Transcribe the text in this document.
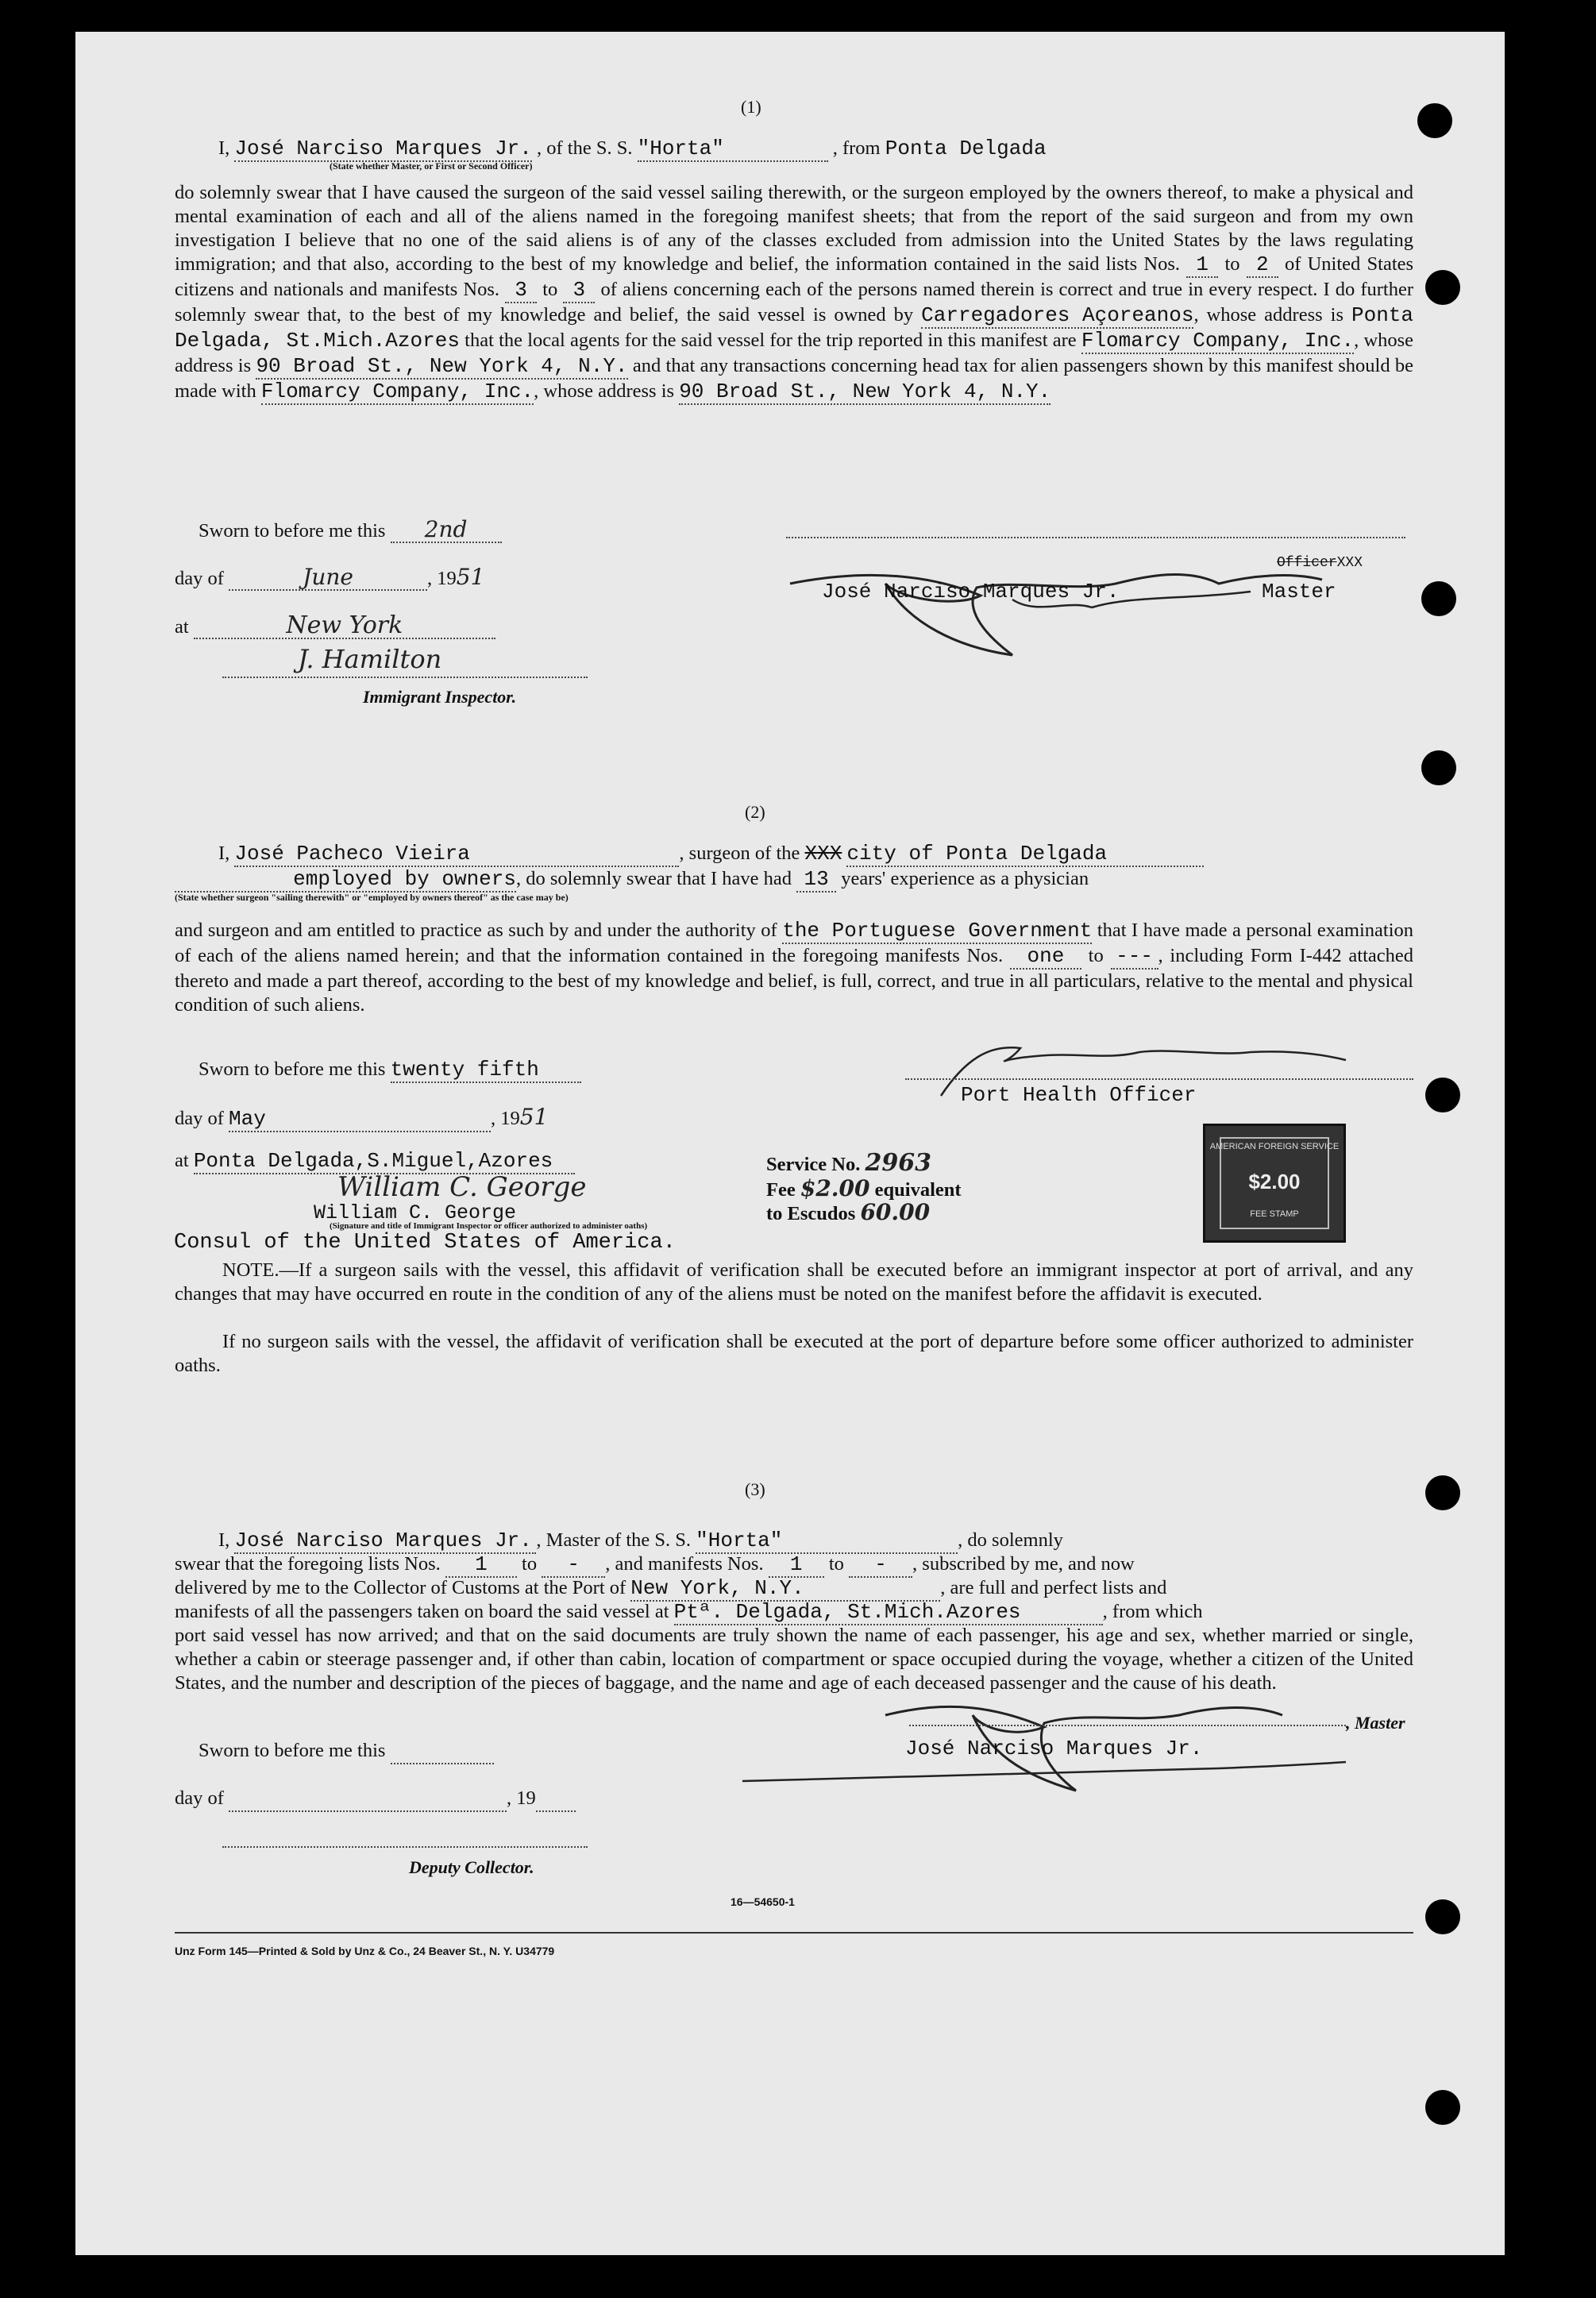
(1)
I, José Narciso Marques Jr. , of the S. S. "Horta"	, from Ponta Delgada
(State whether Master, or First or Second Officer)
do solemnly swear that I have caused the surgeon of the said vessel sailing therewith, or the surgeon employed by the owners thereof, to make a physical and mental examination of each and all of the aliens named in the foregoing manifest sheets; that from the report of the said surgeon and from my own investigation I believe that no one of the said aliens is of any of the classes excluded from admission into the United States by the laws regulating immigration; and that also, according to the best of my knowledge and belief, the information contained in the said lists Nos. 1 to 2 of United States citizens and nationals and manifests Nos. 3 to 3 of aliens concerning each of the persons named therein is correct and true in every respect. I do further solemnly swear that, to the best of my knowledge and belief, the said vessel is owned by Carregadores Açoreanos, whose address is Ponta Delgada, St.Mich.Azores that the local agents for the said vessel for the trip reported in this manifest are Flomarcy Company, Inc., whose address is 90 Broad St., New York 4, N.Y. and that any transactions concerning head tax for alien passengers shown by this manifest should be made with Flomarcy Company, Inc., whose address is 90 Broad St., New York 4, N.Y.
Sworn to before me this 2nd
day of	June	, 1951
at	New York
J. Hamilton
Immigrant Inspector.
OfficerXXX
José Narciso Marques Jr.	Master
(2)
I, José Pacheco Vieira	, surgeon of the XXX city of Ponta Delgada
employed by owners, do solemnly swear that I have had 13 years' experience as a physician
(State whether surgeon "sailing therewith" or "employed by owners thereof" as the case may be)
and surgeon and am entitled to practice as such by and under the authority of the Portuguese Government that I have made a personal examination of each of the aliens named herein; and that the information contained in the foregoing manifests Nos. one to --- , including Form I-442 attached thereto and made a part thereof, according to the best of my knowledge and belief, is full, correct, and true in all particulars, relative to the mental and physical condition of such aliens.
Sworn to before me this twenty fifth
day of May	, 1951
at Ponta Delgada,S.Miguel,Azores
Port Health Officer
William C. George
William C. George
(Signature and title of Immigrant Inspector or officer authorized to administer oaths)
Consul of the United States of America.
Service No. 2963
Fee $2.00 equivalent
to Escudos 60.00
AMERICAN FOREIGN SERVICE
$2.00
FEE STAMP
NOTE.—If a surgeon sails with the vessel, this affidavit of verification shall be executed before an immigrant inspector at port of arrival, and any changes that may have occurred en route in the condition of any of the aliens must be noted on the manifest before the affidavit is executed.
If no surgeon sails with the vessel, the affidavit of verification shall be executed at the port of departure before some officer authorized to administer oaths.
(3)
I, José Narciso Marques Jr. , Master of the S. S. "Horta"	, do solemnly
swear that the foregoing lists Nos. 1 to - , and manifests Nos. 1 to - , subscribed by me, and now
delivered by me to the Collector of Customs at the Port of New York, N.Y.	, are full and perfect lists and
manifests of all the passengers taken on board the said vessel at Ptª. Delgada, St.Mich.Azores	, from which
port said vessel has now arrived; and that on the said documents are truly shown the name of each passenger, his age and sex, whether married or single, whether a cabin or steerage passenger and, if other than cabin, location of compartment or space occupied during the voyage, whether a citizen of the United States, and the number and description of the pieces of baggage, and the name and age of each deceased passenger and the cause of his death.
Sworn to before me this
day of	, 19
Deputy Collector.
, Master
José Narciso Marques Jr.
16—54650-1
Unz Form 145—Printed & Sold by Unz & Co., 24 Beaver St., N. Y. U34779
